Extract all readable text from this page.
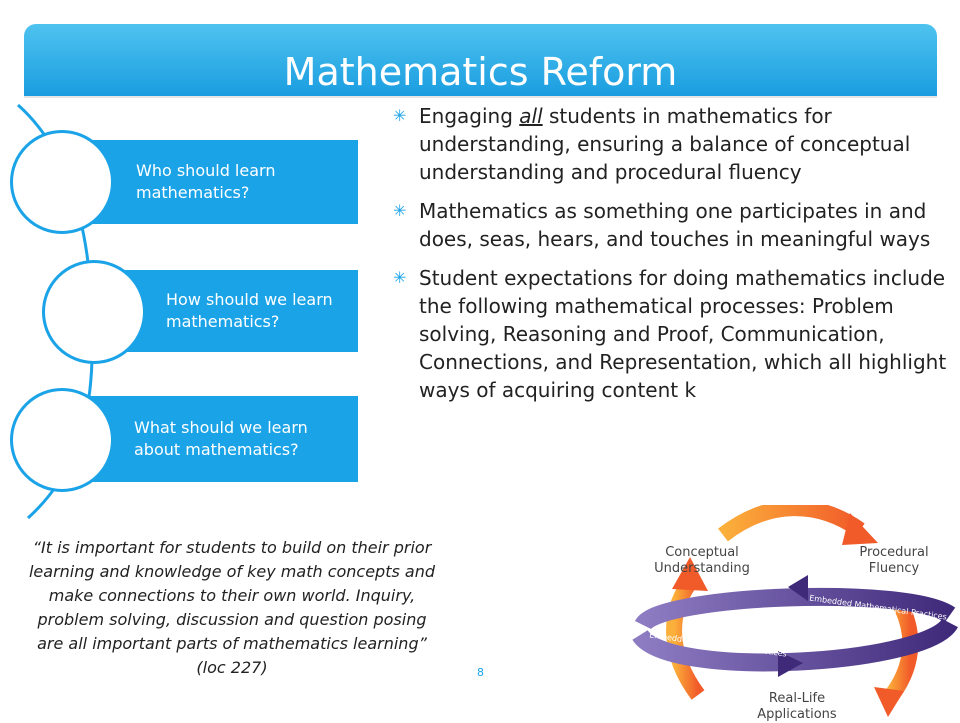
Mathematics Reform
Who should learn mathematics?
How should we learn mathematics?
What should we learn about mathematics?
✳ Engaging all students in mathematics for understanding, ensuring a balance of conceptual understanding and procedural fluency
✳ Mathematics as something one participates in and does, seas, hears, and touches in meaningful ways
✳ Student expectations for doing mathematics include the following mathematical processes: Problem solving, Reasoning and Proof, Communication, Connections, and Representation, which all highlight ways of acquiring content k
“It is important for students to build on their prior learning and knowledge of key math concepts and make connections to their own world. Inquiry, problem solving, discussion and question posing are all important parts of mathematics learning” (loc 227)	8
Conceptual Understanding
Procedural Fluency
Real-Life Applications
Embedded Mathematical Practices
Embedded Mathematical Practices
